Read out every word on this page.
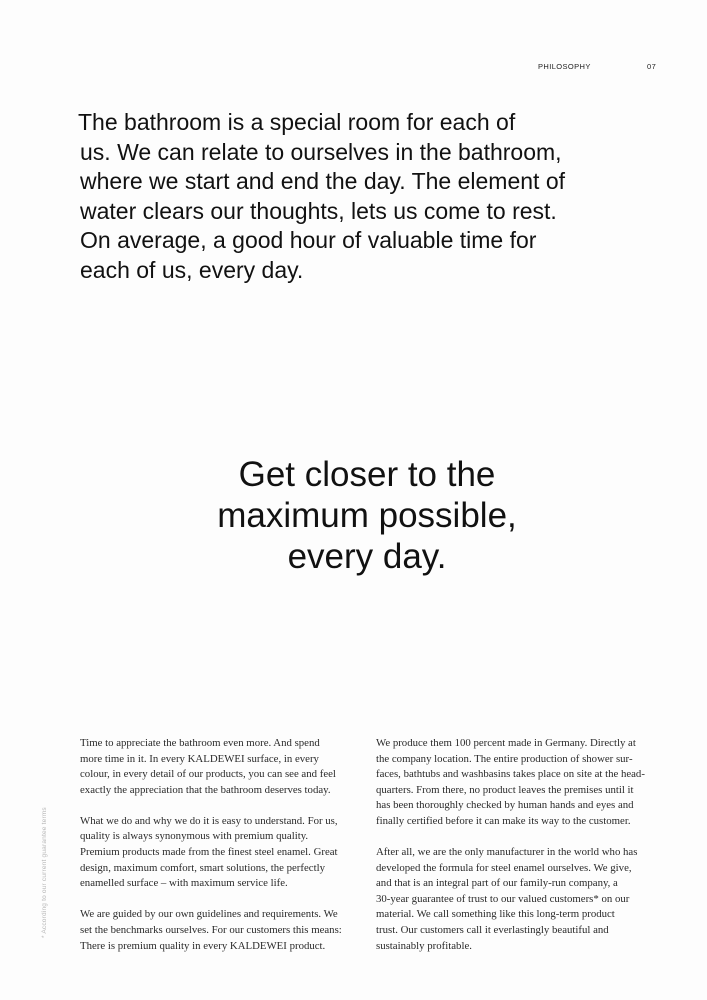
PHILOSOPHY	07
The bathroom is a special room for each of
us. We can relate to ourselves in the bathroom,
where we start and end the day. The element of
water clears our thoughts, lets us come to rest.
On average, a good hour of valuable time for
each of us, every day.
Get closer to the
maximum possible,
every day.

Time to appreciate the bathroom even more. And spend
more time in it. In every KALDEWEI surface, in every
colour, in every detail of our products, you can see and feel
exactly the appreciation that the bathroom deserves today.

What we do and why we do it is easy to understand. For us,
quality is always synonymous with premium quality.
Premium products made from the finest steel enamel. Great
design, maximum comfort, smart solutions, the perfectly
enamelled surface – with maximum service life.

We are guided by our own guidelines and requirements. We
set the benchmarks ourselves. For our customers this means:
There is premium quality in every KALDEWEI product.

We produce them 100 percent made in Germany. Directly at
the company location. The entire production of shower sur-
faces, bathtubs and washbasins takes place on site at the head-
quarters. From there, no product leaves the premises until it
has been thoroughly checked by human hands and eyes and
finally certified before it can make its way to the customer.

After all, we are the only manufacturer in the world who has
developed the formula for steel enamel ourselves. We give,
and that is an integral part of our family-run company, a
30-year guarantee of trust to our valued customers* on our
material. We call something like this long-term product
trust. Our customers call it everlastingly beautiful and
sustainably profitable.

* According to our current guarantee terms
